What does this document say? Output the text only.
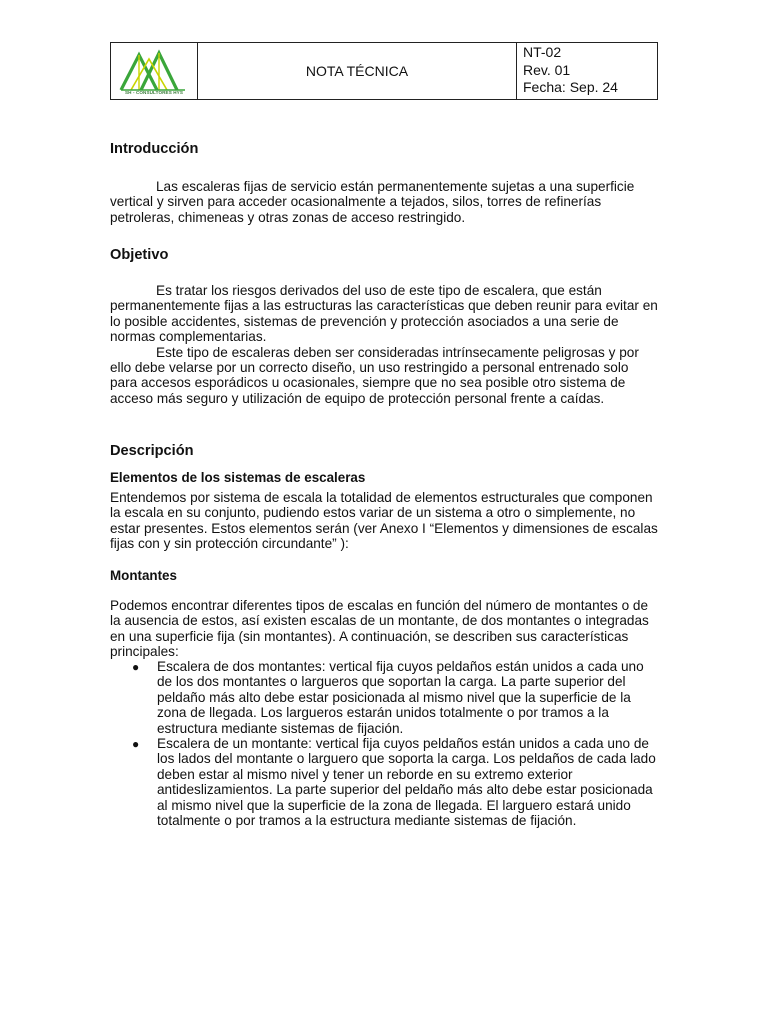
SH - CONSULTORES HYS
NOTA TÉCNICA
NT-02
Rev. 01
Fecha: Sep. 24
Introducción

Las escaleras fijas de servicio están permanentemente sujetas a una superficie vertical y sirven para acceder ocasionalmente a tejados, silos, torres de refinerías petroleras, chimeneas y otras zonas de acceso restringido.

Objetivo

Es tratar los riesgos derivados del uso de este tipo de escalera, que están permanentemente fijas a las estructuras las características que deben reunir para evitar en lo posible accidentes, sistemas de prevención y protección asociados a una serie de normas complementarias.

Este tipo de escaleras deben ser consideradas intrínsecamente peligrosas y por ello debe velarse por un correcto diseño, un uso restringido a personal entrenado solo para accesos esporádicos u ocasionales, siempre que no sea posible otro sistema de acceso más seguro y utilización de equipo de protección personal frente a caídas.

Descripción
Elementos de los sistemas de escaleras

Entendemos por sistema de escala la totalidad de elementos estructurales que componen la escala en su conjunto, pudiendo estos variar de un sistema a otro o simplemente, no estar presentes. Estos elementos serán (ver Anexo I “Elementos y dimensiones de escalas fijas con y sin protección circundante” ):

Montantes

Podemos encontrar diferentes tipos de escalas en función del número de montantes o de la ausencia de estos, así existen escalas de un montante, de dos montantes o integradas en una superficie fija (sin montantes). A continuación, se describen sus características principales:

●	Escalera de dos montantes: vertical fija cuyos peldaños están unidos a cada uno de los dos montantes o largueros que soportan la carga. La parte superior del peldaño más alto debe estar posicionada al mismo nivel que la superficie de la zona de llegada. Los largueros estarán unidos totalmente o por tramos a la estructura mediante sistemas de fijación.
●	Escalera de un montante: vertical fija cuyos peldaños están unidos a cada uno de los lados del montante o larguero que soporta la carga. Los peldaños de cada lado deben estar al mismo nivel y tener un reborde en su extremo exterior antideslizamientos. La parte superior del peldaño más alto debe estar posicionada al mismo nivel que la superficie de la zona de llegada. El larguero estará unido totalmente o por tramos a la estructura mediante sistemas de fijación.
